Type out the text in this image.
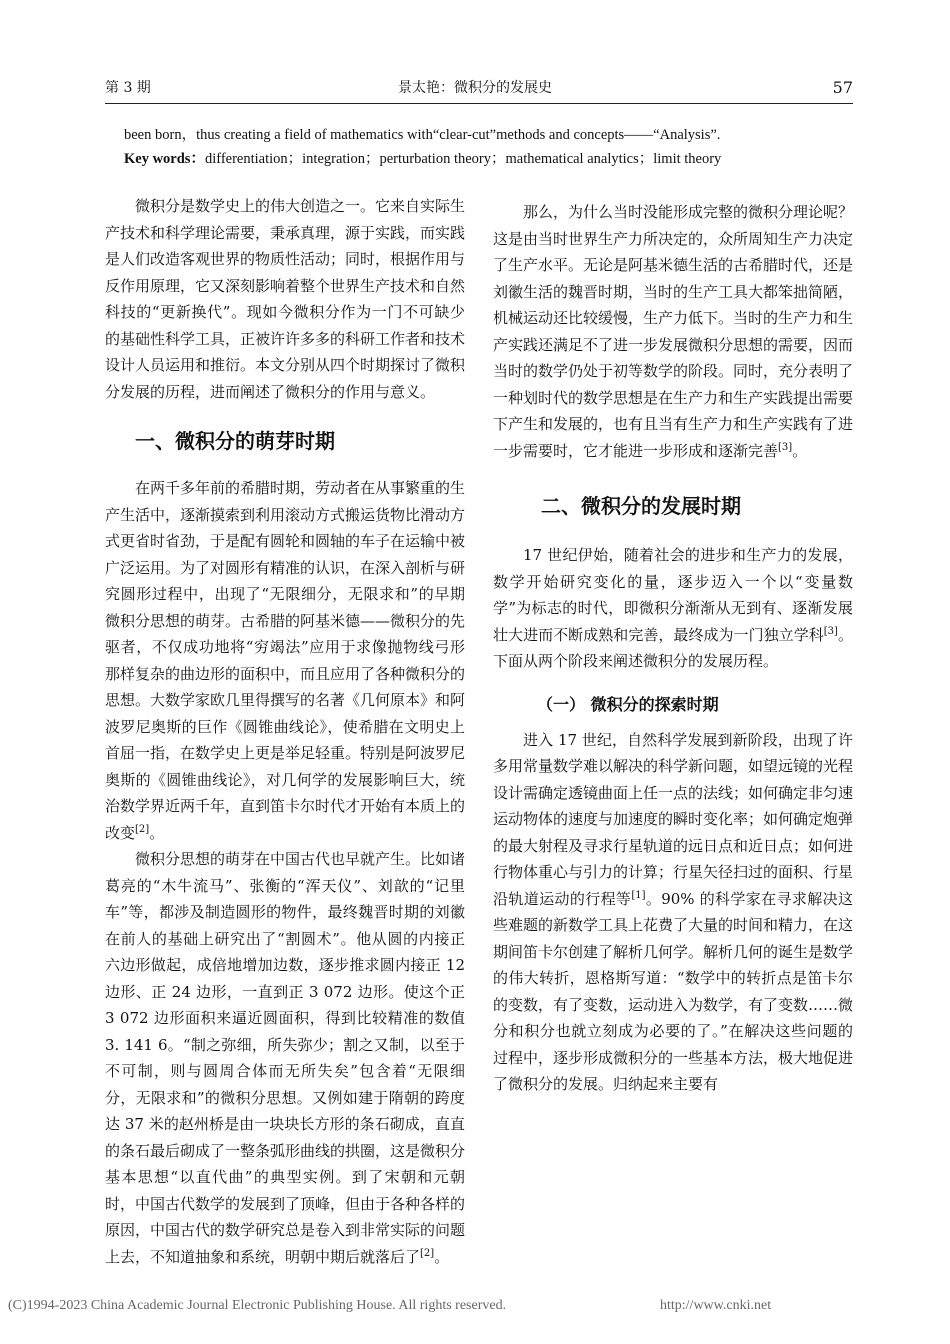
第 3 期	景太艳：微积分的发展史	57
been born，thus creating a field of mathematics with“clear-cut”methods and concepts——“Analysis”.
Key words：differentiation；integration；perturbation theory；mathematical analytics；limit theory

微积分是数学史上的伟大创造之一。它来自实际生产技术和科学理论需要，秉承真理，源于实践，而实践是人们改造客观世界的物质性活动；同时，根据作用与反作用原理，它又深刻影响着整个世界生产技术和自然科技的“更新换代”。现如今微积分作为一门不可缺少的基础性科学工具，正被许许多多的科研工作者和技术设计人员运用和推衍。本文分别从四个时期探讨了微积分发展的历程，进而阐述了微积分的作用与意义。

一、微积分的萌芽时期

在两千多年前的希腊时期，劳动者在从事繁重的生产生活中，逐渐摸索到利用滚动方式搬运货物比滑动方式更省时省劲，于是配有圆轮和圆轴的车子在运输中被广泛运用。为了对圆形有精准的认识，在深入剖析与研究圆形过程中，出现了“无限细分，无限求和”的早期微积分思想的萌芽。古希腊的阿基米德——微积分的先驱者，不仅成功地将“穷竭法”应用于求像抛物线弓形那样复杂的曲边形的面积中，而且应用了各种微积分的思想。大数学家欧几里得撰写的名著《几何原本》和阿波罗尼奥斯的巨作《圆锥曲线论》，使希腊在文明史上首屈一指，在数学史上更是举足轻重。特别是阿波罗尼奥斯的《圆锥曲线论》，对几何学的发展影响巨大，统治数学界近两千年，直到笛卡尔时代才开始有本质上的改变[2]。

微积分思想的萌芽在中国古代也早就产生。比如诸葛亮的“木牛流马”、张衡的“浑天仪”、刘歆的“记里车”等，都涉及制造圆形的物件，最终魏晋时期的刘徽在前人的基础上研究出了“割圆术”。他从圆的内接正六边形做起，成倍地增加边数，逐步推求圆内接正 12 边形、正 24 边形，一直到正 3 072 边形。使这个正 3 072 边形面积来逼近圆面积，得到比较精准的数值 3. 141 6。“制之弥细，所失弥少；割之又制，以至于不可制，则与圆周合体而无所失矣”包含着“无限细分，无限求和”的微积分思想。又例如建于隋朝的跨度达 37 米的赵州桥是由一块块长方形的条石砌成，直直的条石最后砌成了一整条弧形曲线的拱圈，这是微积分基本思想“以直代曲”的典型实例。到了宋朝和元朝时，中国古代数学的发展到了顶峰，但由于各种各样的原因，中国古代的数学研究总是卷入到非常实际的问题上去，不知道抽象和系统，明朝中期后就落后了[2]。

那么，为什么当时没能形成完整的微积分理论呢？这是由当时世界生产力所决定的，众所周知生产力决定了生产水平。无论是阿基米德生活的古希腊时代，还是刘徽生活的魏晋时期，当时的生产工具大都笨拙简陋，机械运动还比较缓慢，生产力低下。当时的生产力和生产实践还满足不了进一步发展微积分思想的需要，因而当时的数学仍处于初等数学的阶段。同时，充分表明了一种划时代的数学思想是在生产力和生产实践提出需要下产生和发展的，也有且当有生产力和生产实践有了进一步需要时，它才能进一步形成和逐渐完善[3]。

二、微积分的发展时期

17 世纪伊始，随着社会的进步和生产力的发展，数学开始研究变化的量，逐步迈入一个以“变量数学”为标志的时代，即微积分渐渐从无到有、逐渐发展壮大进而不断成熟和完善，最终成为一门独立学科[3]。下面从两个阶段来阐述微积分的发展历程。

（一） 微积分的探索时期

进入 17 世纪，自然科学发展到新阶段，出现了许多用常量数学难以解决的科学新问题，如望远镜的光程设计需确定透镜曲面上任一点的法线；如何确定非匀速运动物体的速度与加速度的瞬时变化率；如何确定炮弹的最大射程及寻求行星轨道的远日点和近日点；如何进行物体重心与引力的计算；行星矢径扫过的面积、行星沿轨道运动的行程等[1]。90% 的科学家在寻求解决这些难题的新数学工具上花费了大量的时间和精力，在这期间笛卡尔创建了解析几何学。解析几何的诞生是数学的伟大转折，恩格斯写道：“数学中的转折点是笛卡尔的变数，有了变数，运动进入为数学，有了变数……微分和积分也就立刻成为必要的了。”在解决这些问题的过程中，逐步形成微积分的一些基本方法，极大地促进了微积分的发展。归纳起来主要有

(C)1994-2023 China Academic Journal Electronic Publishing House. All rights reserved.	http://www.cnki.net
